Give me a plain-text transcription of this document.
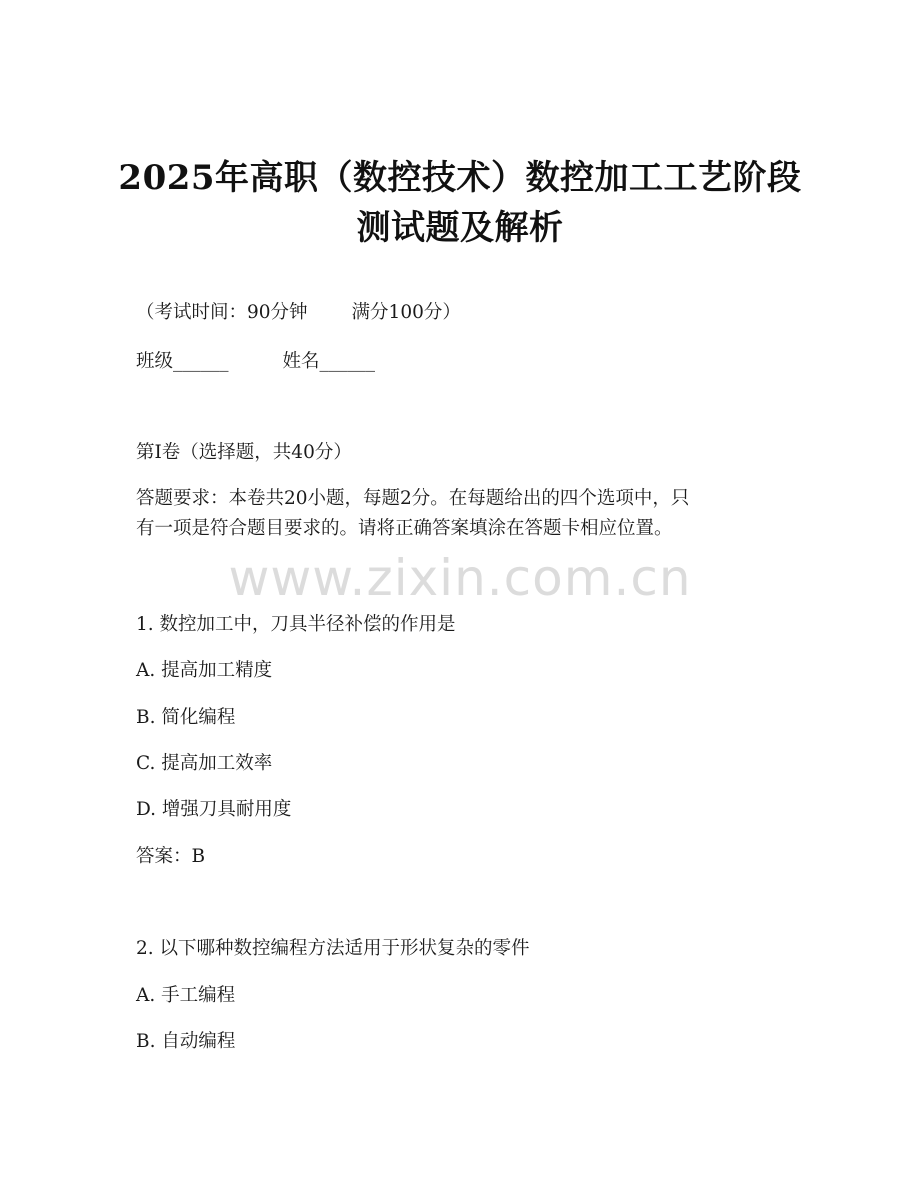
2025年高职（数控技术）数控加工工艺阶段
测试题及解析
（考试时间：90分钟 满分100分）
班级______	姓名______
第Ⅰ卷（选择题，共40分）
答题要求：本卷共20小题，每题2分。在每题给出的四个选项中，只
有一项是符合题目要求的。请将正确答案填涂在答题卡相应位置。
www.zixin.com.cn
1. 数控加工中，刀具半径补偿的作用是
A. 提高加工精度
B. 简化编程
C. 提高加工效率
D. 增强刀具耐用度
答案：B
2. 以下哪种数控编程方法适用于形状复杂的零件
A. 手工编程
B. 自动编程
